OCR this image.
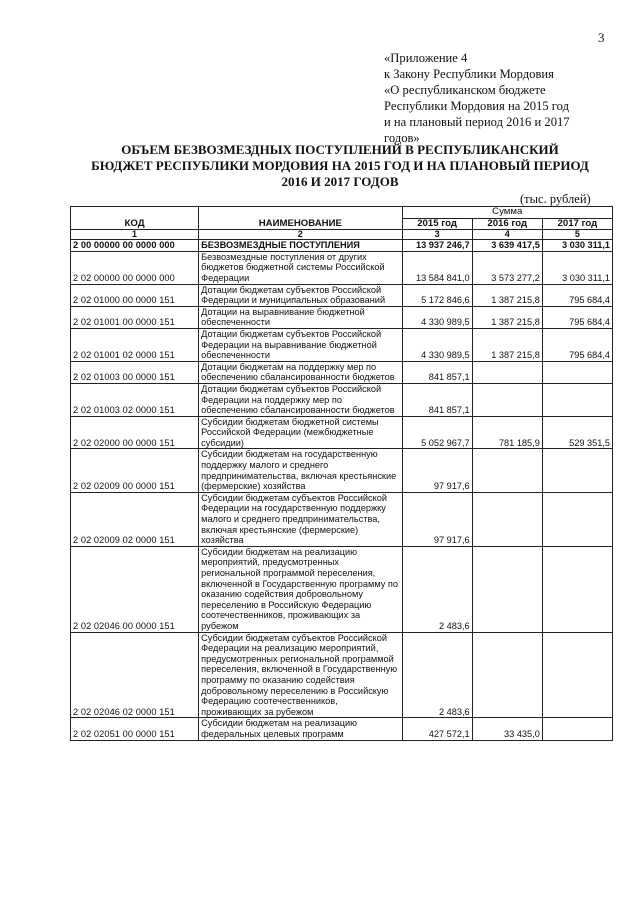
3
«Приложение 4
к Закону Республики Мордовия
«О республиканском бюджете
Республики Мордовия на 2015 год
и на плановый период 2016 и 2017
годов»
ОБЪЕМ БЕЗВОЗМЕЗДНЫХ ПОСТУПЛЕНИЙ В РЕСПУБЛИКАНСКИЙ
БЮДЖЕТ РЕСПУБЛИКИ МОРДОВИЯ НА 2015 ГОД И НА ПЛАНОВЫЙ ПЕРИОД
2016 И 2017 ГОДОВ
(тыс. рублей)
КОД	НАИМЕНОВАНИЕ	Сумма		
		2015 год	2016 год	2017 год
1	2	3	4	5
2 00 00000 00 0000 000	БЕЗВОЗМЕЗДНЫЕ ПОСТУПЛЕНИЯ	13 937 246,7	3 639 417,5	3 030 311,1
2 02 00000 00 0000 000	Безвозмездные поступления от других бюджетов бюджетной системы Российской Федерации	13 584 841,0	3 573 277,2	3 030 311,1
2 02 01000 00 0000 151	Дотации бюджетам субъектов Российской Федерации и муниципальных образований	5 172 846,6	1 387 215,8	795 684,4
2 02 01001 00 0000 151	Дотации на выравнивание бюджетной обеспеченности	4 330 989,5	1 387 215,8	795 684,4
2 02 01001 02 0000 151	Дотации бюджетам субъектов Российской Федерации на выравнивание бюджетной обеспеченности	4 330 989,5	1 387 215,8	795 684,4
2 02 01003 00 0000 151	Дотации бюджетам на поддержку мер по обеспечению сбалансированности бюджетов	841 857,1		
2 02 01003 02 0000 151	Дотации бюджетам субъектов Российской Федерации на поддержку мер по обеспечению сбалансированности бюджетов	841 857,1		
2 02 02000 00 0000 151	Субсидии бюджетам бюджетной системы Российской Федерации (межбюджетные субсидии)	5 052 967,7	781 185,9	529 351,5
2 02 02009 00 0000 151	Субсидии бюджетам на государственную поддержку малого и среднего предпринимательства, включая крестьянские (фермерские) хозяйства	97 917,6		
2 02 02009 02 0000 151	Субсидии бюджетам субъектов Российской Федерации на государственную поддержку малого и среднего предпринимательства, включая крестьянские (фермерские) хозяйства	97 917,6		
2 02 02046 00 0000 151	Субсидии бюджетам на реализацию мероприятий, предусмотренных региональной программой переселения, включенной в Государственную программу по оказанию содействия добровольному переселению в Российскую Федерацию соотечественников, проживающих за рубежом	2 483,6		
2 02 02046 02 0000 151	Субсидии бюджетам субъектов Российской Федерации на реализацию мероприятий, предусмотренных региональной программой переселения, включенной в Государственную программу по оказанию содействия добровольному переселению в Российскую Федерацию соотечественников, проживающих за рубежом	2 483,6		
2 02 02051 00 0000 151	Субсидии бюджетам на реализацию федеральных целевых программ	427 572,1	33 435,0	
